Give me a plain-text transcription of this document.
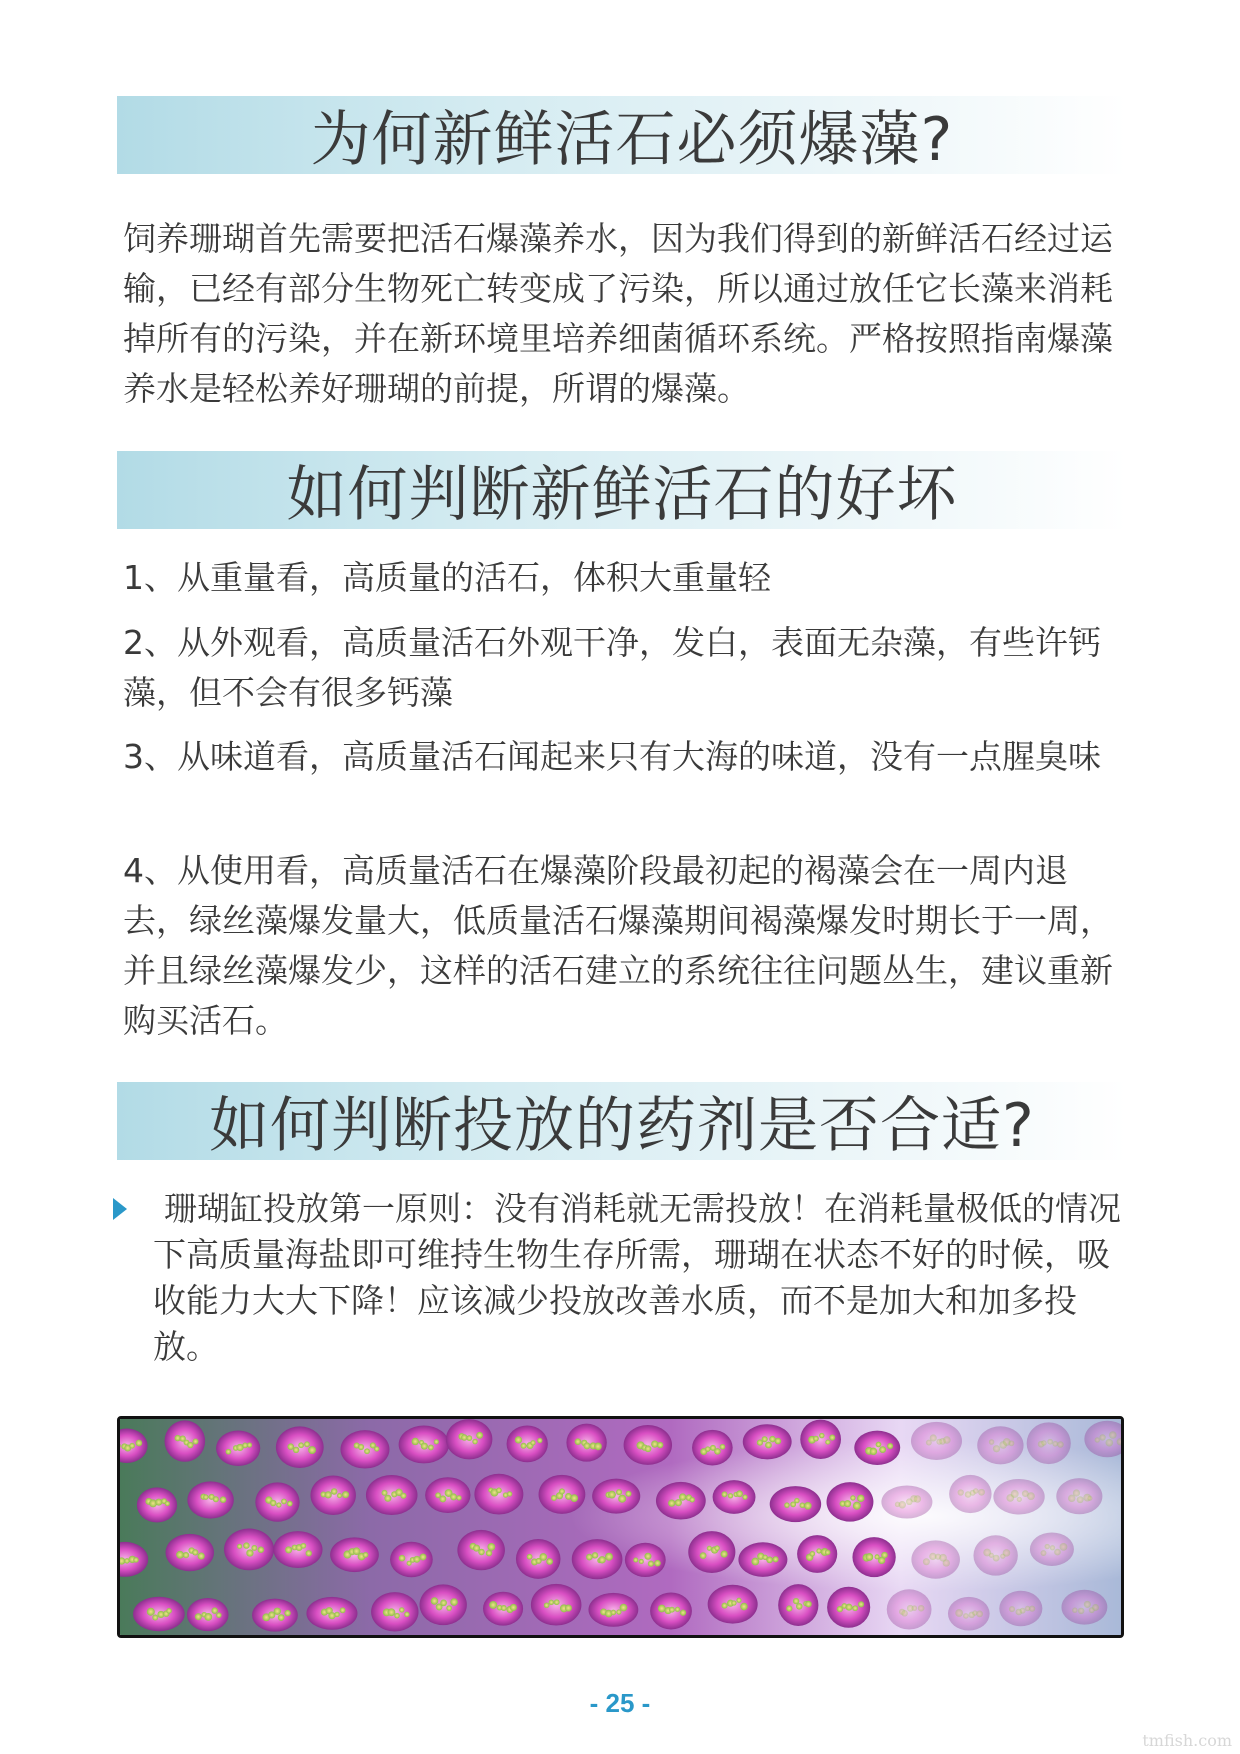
为何新鲜活石必须爆藻?

饲养珊瑚首先需要把活石爆藻养水，因为我们得到的新鲜活石经过运输，已经有部分生物死亡转变成了污染，所以通过放任它长藻来消耗掉所有的污染，并在新环境里培养细菌循环系统。严格按照指南爆藻养水是轻松养好珊瑚的前提，所谓的爆藻。

如何判断新鲜活石的好坏

1、从重量看，高质量的活石，体积大重量轻

2、从外观看，高质量活石外观干净，发白，表面无杂藻，有些许钙藻，但不会有很多钙藻

3、从味道看，高质量活石闻起来只有大海的味道，没有一点腥臭味

4、从使用看，高质量活石在爆藻阶段最初起的褐藻会在一周内退去，绿丝藻爆发量大，低质量活石爆藻期间褐藻爆发时期长于一周，并且绿丝藻爆发少，这样的活石建立的系统往往问题丛生，建议重新购买活石。

如何判断投放的药剂是否合适?

珊瑚缸投放第一原则：没有消耗就无需投放！在消耗量极低的情况下高质量海盐即可维持生物生存所需，珊瑚在状态不好的时候，吸收能力大大下降！应该减少投放改善水质，而不是加大和加多投放。

- 25 -
tmfish.com
